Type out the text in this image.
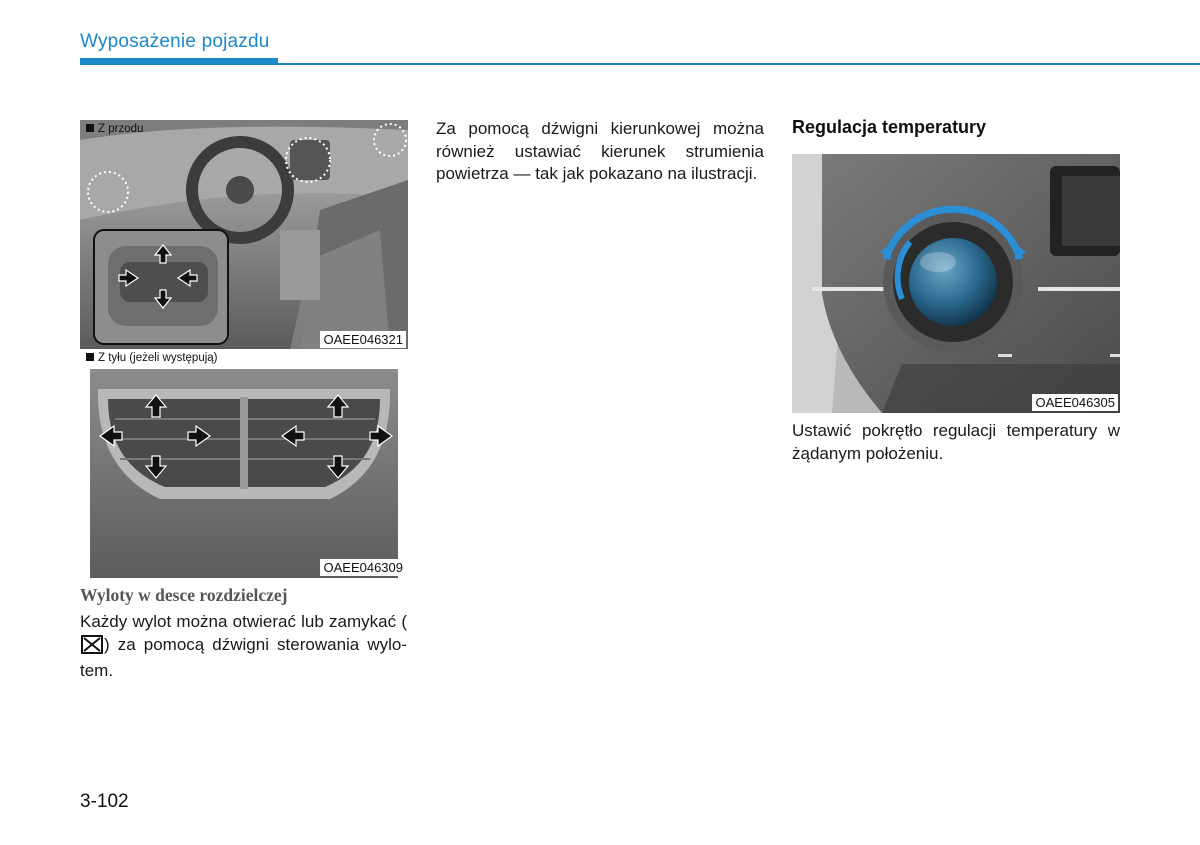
Wyposażenie pojazdu
Z przodu
OAEE046321
Z tyłu (jeżeli występują)
OAEE046309
Wyloty w desce rozdzielczej
Każdy wylot można otwierać lub zamykać () za pomocą dźwigni sterowania wylo-tem.
Za pomocą dźwigni kierunkowej można również ustawiać kierunek strumienia powietrza — tak jak pokazano na ilustracji.
Regulacja temperatury
OAEE046305
Ustawić pokrętło regulacji temperatury w żądanym położeniu.
3-102
